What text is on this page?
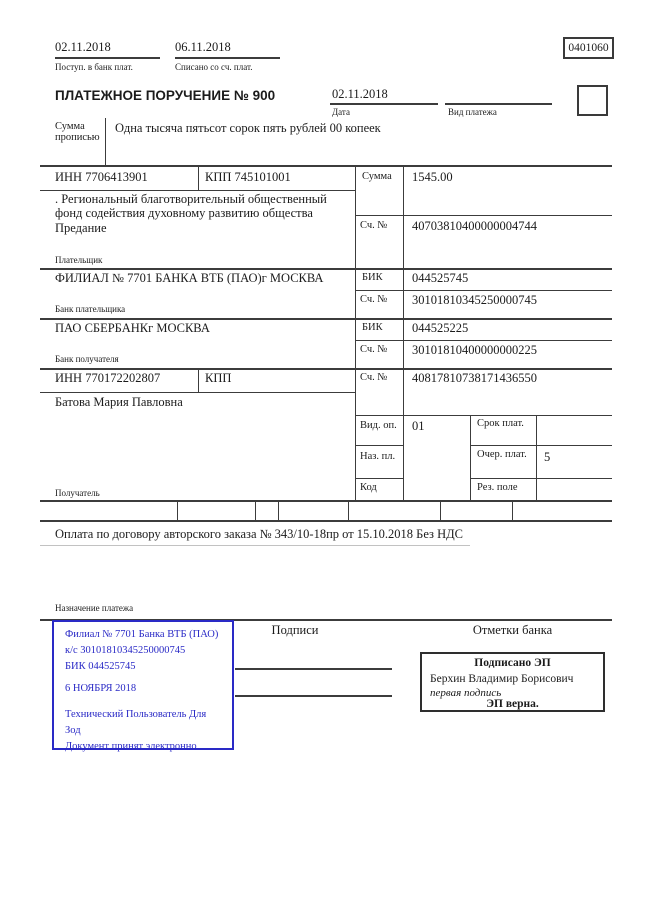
02.11.2018
Поступ. в банк плат.
06.11.2018
Списано со сч. плат.
0401060
ПЛАТЕЖНОЕ ПОРУЧЕНИЕ № 900	02.11.2018
Дата	Вид платежа
Сумма прописью
Одна тысяча пятьсот сорок пять рублей 00 копеек
ИНН 7706413901	КПП 745101001
. Региональный благотворительный общественный фонд содействия духовному развитию общества Предание
Плательщик
Сумма 1545.00
Сч. № 40703810400000004744
ФИЛИАЛ № 7701 БАНКА ВТБ (ПАО)г МОСКВА
Банк плательщика
БИК 044525745
Сч. № 30101810345250000745
ПАО СБЕРБАНКг МОСКВА
Банк получателя
БИК 044525225
Сч. № 30101810400000000225
ИНН 770172202807	КПП
Батова Мария Павловна
Получатель
Сч. № 40817810738171436550
Вид. оп. 01	Срок плат.
Наз. пл.	Очер. плат. 5
Код	Рез. поле
Оплата по договору авторского заказа № 343/10-18пр от 15.10.2018 Без НДС
Назначение платежа
Подписи	Отметки банка
Филиал № 7701 Банка ВТБ (ПАО)
к/с 30101810345250000745
БИК 044525745
6 НОЯБРЯ 2018
Технический Пользователь Для
Зод
Документ принят электронно
Подписано ЭП
Берхин Владимир Борисович
первая подпись
ЭП верна.
